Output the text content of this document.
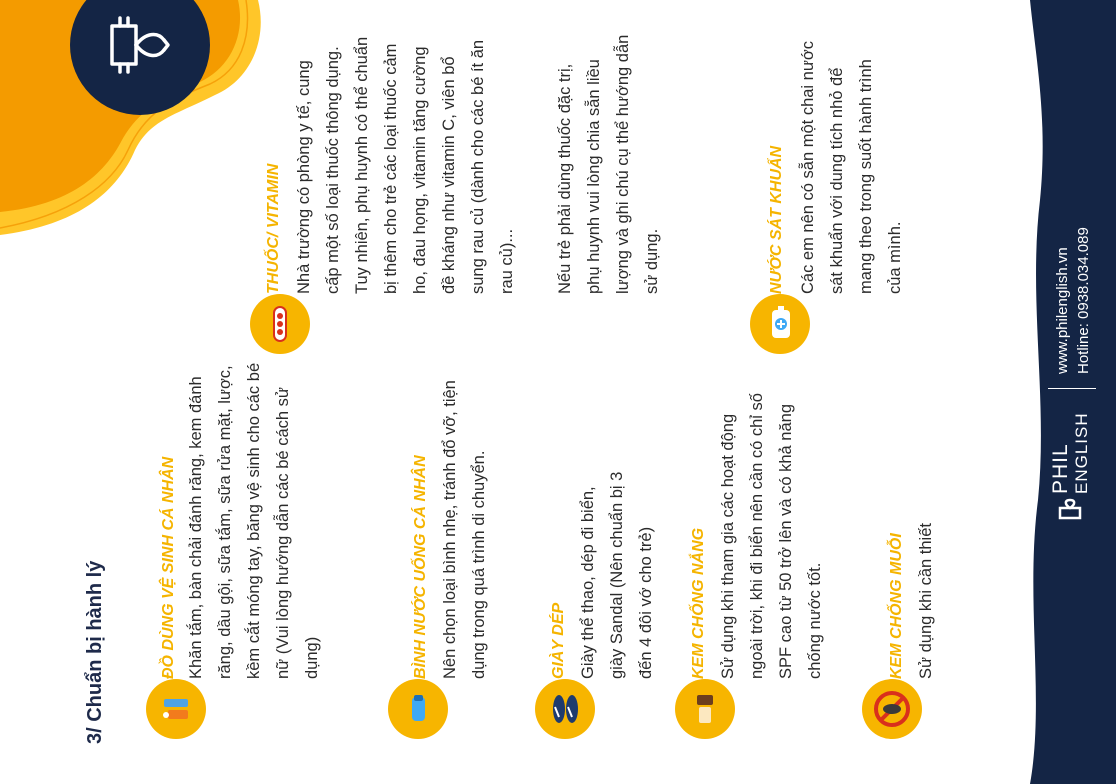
3/ Chuẩn bị hành lý	ĐỒ DÙNG VỆ SINH CÁ NHÂN Khăn tắm, bàn chải đánh răng, kem đánh răng, dầu gội, sữa tắm, sữa rửa mặt, lược, kềm cắt móng tay, băng vệ sinh cho các bé nữ (Vui lòng hướng dẫn các bé cách sử dụng)	BÌNH NƯỚC UỐNG CÁ NHÂN Nên chọn loại bình nhẹ, tránh đổ vỡ, tiện dụng trong quá trình di chuyển.	GIÀY DÉP Giày thể thao, dép đi biển, giày Sandal (Nên chuẩn bị 3 đến 4 đôi vớ cho trẻ)	KEM CHỐNG NẮNG Sử dụng khi tham gia các hoạt động ngoài trời, khi đi biển nên cần có chỉ số SPF cao từ 50 trở lên và có khả năng chống nước tốt.	KEM CHỐNG MUỖI Sử dụng khi cần thiết

THUỐC/ VITAMIN Nhà trường có phòng y tế, cung cấp một số loại thuốc thông dụng. Tuy nhiên, phụ huynh có thể chuẩn bị thêm cho trẻ các loại thuốc cảm ho, đau họng, vitamin tăng cường đề kháng như vitamin C, viên bổ sung rau củ (dành cho các bé ít ăn rau củ)...	Nếu trẻ phải dùng thuốc đặc trị, phụ huynh vui lòng chia sẵn liều lượng và ghi chú cụ thể hướng dẫn sử dụng.	NƯỚC SÁT KHUẨN Các em nên có sẵn một chai nước sát khuẩn với dung tích nhỏ để mang theo trong suốt hành trình của mình.

PHIL ENGLISH
www.philenglish.vn Hotline: 0938.034.089
